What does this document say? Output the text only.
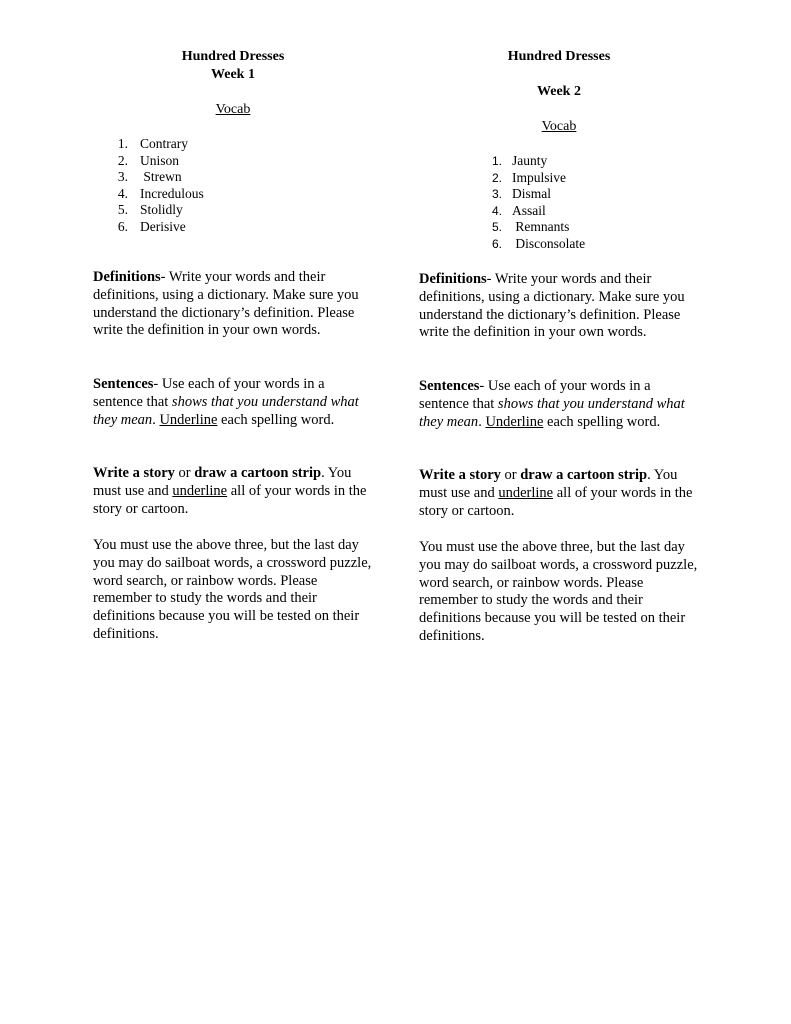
Hundred Dresses
Week 1
Vocab
1. Contrary
2. Unison
3. Strewn
4. Incredulous
5. Stolidly
6. Derisive

Definitions- Write your words and their definitions, using a dictionary. Make sure you understand the dictionary’s definition. Please write the definition in your own words.

Sentences- Use each of your words in a sentence that shows that you understand what they mean. Underline each spelling word.

Write a story or draw a cartoon strip. You must use and underline all of your words in the story or cartoon.

You must use the above three, but the last day you may do sailboat words, a crossword puzzle, word search, or rainbow words. Please remember to study the words and their definitions because you will be tested on their definitions.

Hundred Dresses
Week 2
Vocab
1. Jaunty
2. Impulsive
3. Dismal
4. Assail
5. Remnants
6. Disconsolate

Definitions- Write your words and their definitions, using a dictionary. Make sure you understand the dictionary’s definition. Please write the definition in your own words.

Sentences- Use each of your words in a sentence that shows that you understand what they mean. Underline each spelling word.

Write a story or draw a cartoon strip. You must use and underline all of your words in the story or cartoon.

You must use the above three, but the last day you may do sailboat words, a crossword puzzle, word search, or rainbow words. Please remember to study the words and their definitions because you will be tested on their definitions.
